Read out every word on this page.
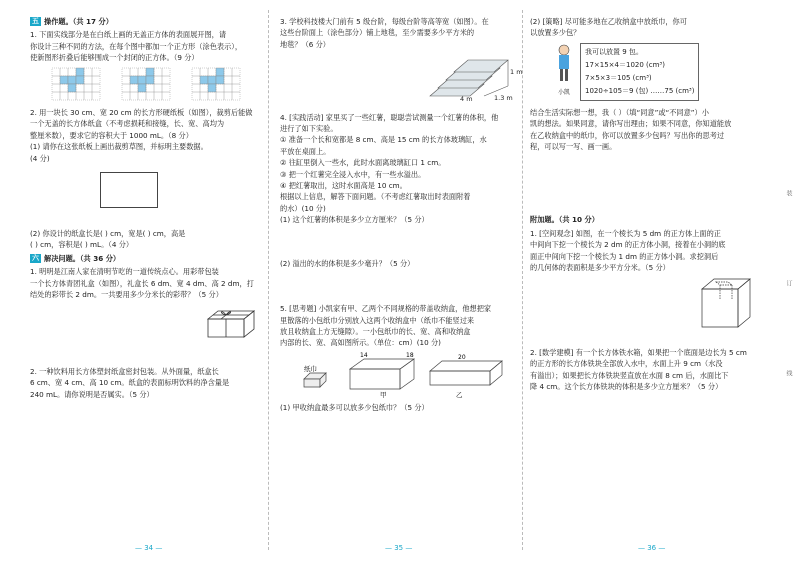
五 操作题。（共 17 分）
1. 下面实线部分是在白纸上画的无盖正方体的表面展开图，请
你设计三种不同的方法，在每个图中都加一个正方形（涂色表示），
使新图形折叠后能够围成一个封闭的正方体。（9 分）
2. 用一块长 30 cm、宽 20 cm 的长方形硬纸板（如图），裁剪后能做
一个无盖的长方体纸盒（不考虑损耗和接缝，长、宽、高均为
整厘米数），要求它的容积大于 1000 mL。（8 分）
(1) 请你在这张纸板上画出裁剪草图，并标明主要数据。
(4 分)
(2) 你设计的纸盒长是( ) cm，宽是( ) cm，高是
( ) cm，容积是( ) mL。（4 分）
六 解决问题。（共 36 分）
1. 明明是江南人家在清明节吃的一道传统点心。用彩带包装
一个长方体青团礼盒（如图），礼盒长 6 dm、宽 4 dm、高 2 dm，打
结处的彩带长 2 dm。一共要用多少分米长的彩带？（5 分）
2. 一种饮料用长方体塑封纸盒密封包装。从外面量，纸盒长
6 cm、宽 4 cm、高 10 cm。纸盒的表面标明饮料的净含量是
240 mL。请你说明是否属实。（5 分）
— 34 —
3. 学校科技楼大门前有 5 级台阶，每级台阶等高等宽（如图）。在
这些台阶面上（涂色部分）铺上地毯，至少需要多少平方米的
地毯？（6 分）
4 m	1.3 m
1 m
4. [实践活动] 家里买了一些红薯，聪聪尝试测量一个红薯的体积，他
进行了如下实验。
① 准备一个长和宽都是 8 cm、高是 15 cm 的长方体玻璃缸，水
平放在桌面上。
② 往缸里倒入一些水，此时水面离玻璃缸口 1 cm。
③ 把一个红薯完全浸入水中，有一些水溢出。
④ 把红薯取出，这时水面高是 10 cm。
根据以上信息，解答下面问题。（不考虑红薯取出时表面附着
的水）(10 分)
(1) 这个红薯的体积是多少立方厘米？（5 分）
(2) 溢出的水的体积是多少毫升？（5 分）
5. [思考题] 小凯家有甲、乙两个不同规格的带盖收纳盒，他想把家
里散落的小包纸巾分别放入这两个收纳盒中（纸巾不能竖过来
放且收纳盒上方无缝隙）。一小包纸巾的长、宽、高和收纳盒
内部的长、宽、高如图所示。（单位：cm）(10 分)
纸巾
甲	乙
14	18	20
(1) 甲收纳盒最多可以放多少包纸巾？（5 分）
— 35 —
(2) [策略] 尽可能多地在乙收纳盒中放纸巾，你可
以放置多少包？
小凯
我可以放置 9 包。
17×15×4＝1020 (cm³)
7×5×3＝105 (cm³)
1020÷105＝9 (包) ……75 (cm³)
结合生活实际想一想，我（ ）（填“同意”或“不同意”）小
凯的想法。如果同意，请你写出理由；如果不同意，你知道能放
在乙收纳盒中的纸巾，你可以放置多少包吗？写出你的思考过
程，可以写一写、画一画。
附加题。（共 10 分）
1. [空间观念] 如图，在一个棱长为 5 dm 的正方体上面的正
中间向下挖一个棱长为 2 dm 的正方体小洞，接着在小洞的底
面正中间向下挖一个棱长为 1 dm 的正方体小洞。求挖洞后
的几何体的表面积是多少平方分米。（5 分）
2. [数学建模] 有一个长方体铁水箱，如果把一个底面是边长为 5 cm
的正方形的长方体铁块全部放入水中，水面上升 9 cm（水没
有溢出）；如果把长方体铁块竖直放在水面 8 cm 后，水面比下
降 4 cm。这个长方体铁块的体积是多少立方厘米？（5 分）
— 36 —
装
订
线
